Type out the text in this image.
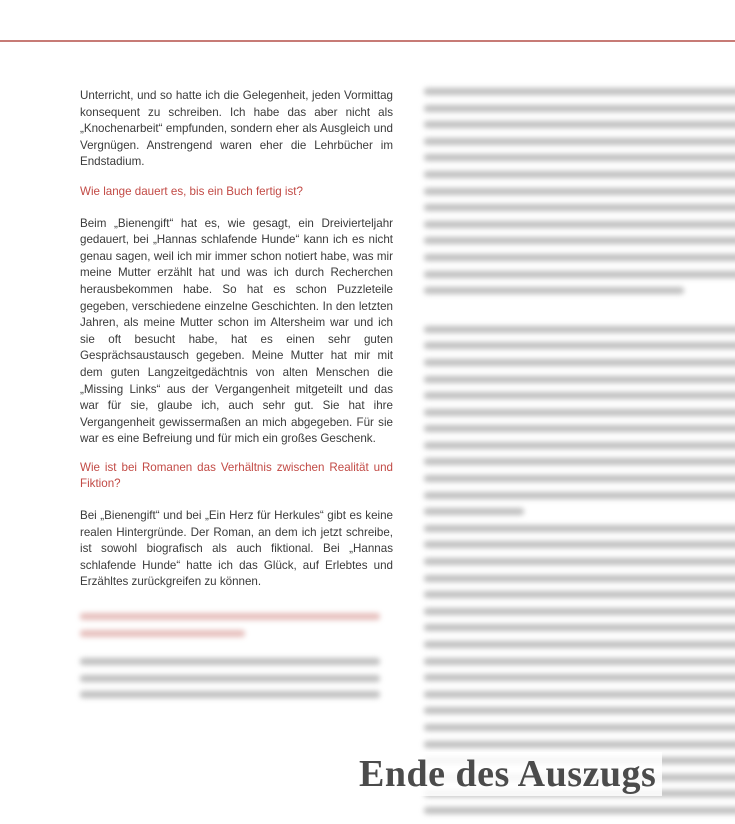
Unterricht, und so hatte ich die Gelegenheit, jeden Vormittag konsequent zu schreiben. Ich habe das aber nicht als „Knochenarbeit“ empfunden, sondern eher als Ausgleich und Vergnügen. Anstrengend waren eher die Lehrbücher im Endstadium.

Wie lange dauert es, bis ein Buch fertig ist?

Beim „Bienengift“ hat es, wie gesagt, ein Dreivierteljahr gedauert, bei „Hannas schlafende Hunde“ kann ich es nicht genau sagen, weil ich mir immer schon notiert habe, was mir meine Mutter erzählt hat und was ich durch Recherchen herausbekommen habe. So hat es schon Puzzleteile gegeben, verschiedene einzelne Geschichten. In den letzten Jahren, als meine Mutter schon im Altersheim war und ich sie oft besucht habe, hat es einen sehr guten Gesprächsaustausch gegeben. Meine Mutter hat mir mit dem guten Langzeitgedächtnis von alten Menschen die „Missing Links“ aus der Vergangenheit mitgeteilt und das war für sie, glaube ich, auch sehr gut. Sie hat ihre Vergangenheit gewissermaßen an mich abgegeben. Für sie war es eine Befreiung und für mich ein großes Geschenk.

Wie ist bei Romanen das Verhältnis zwischen Realität und Fiktion?

Bei „Bienengift“ und bei „Ein Herz für Herkules“ gibt es keine realen Hintergründe. Der Roman, an dem ich jetzt schreibe, ist sowohl biografisch als auch fiktional. Bei „Hannas schlafende Hunde“ hatte ich das Glück, auf Erlebtes und Erzähltes zurückgreifen zu können.

Ende des Auszugs
